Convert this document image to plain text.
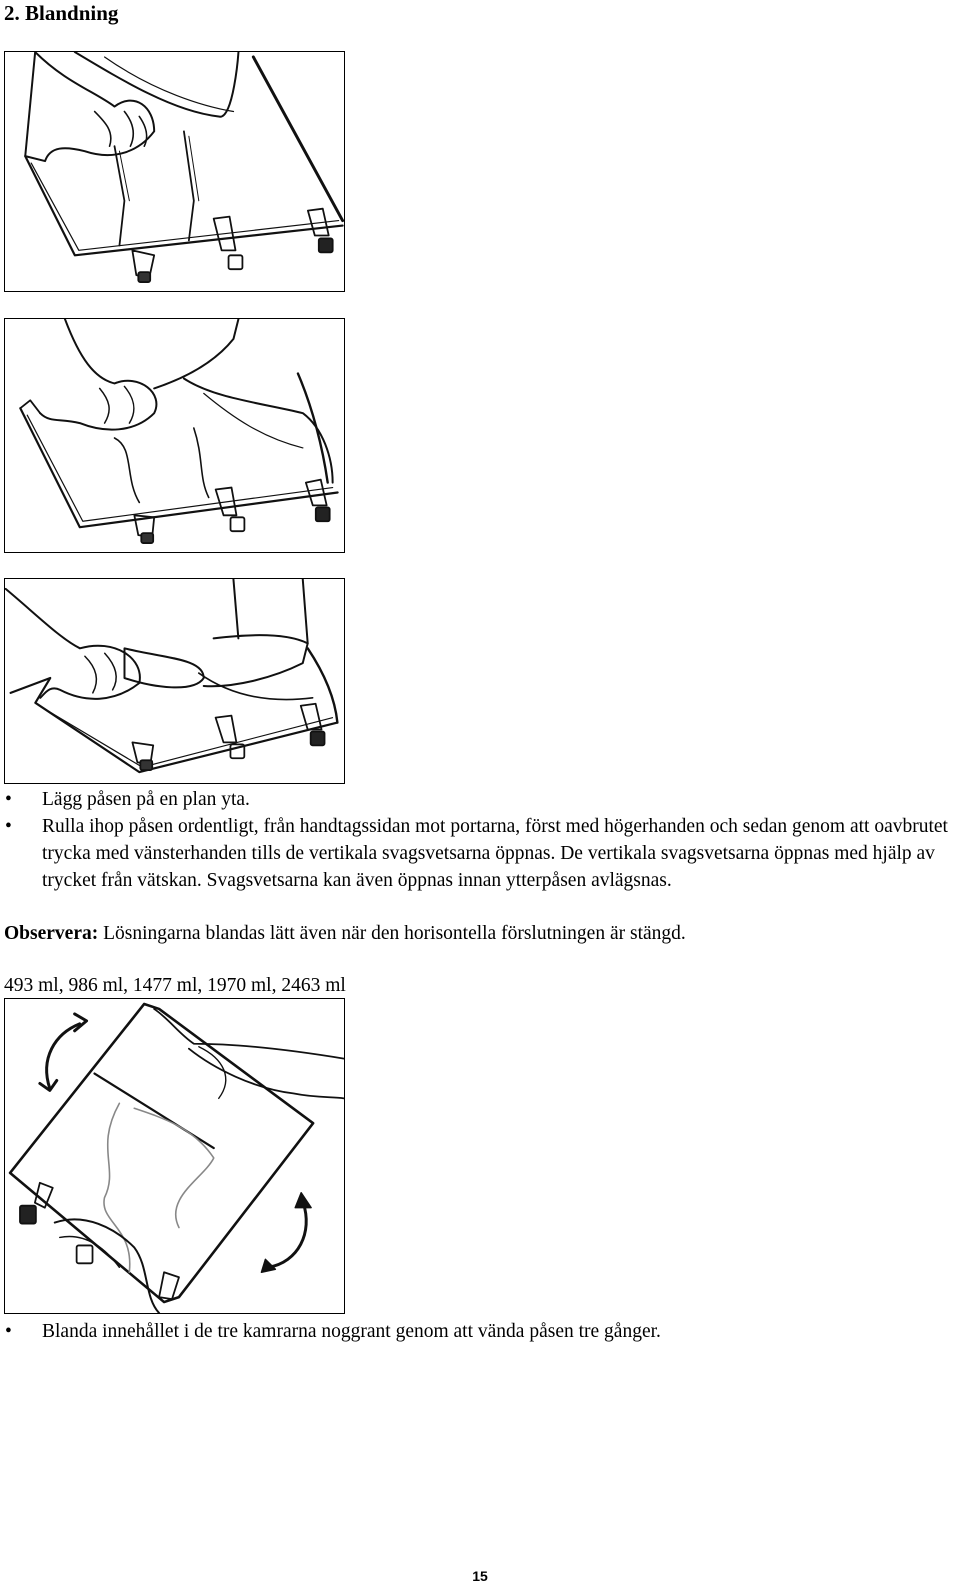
2. Blandning
• Lägg påsen på en plan yta.
• Rulla ihop påsen ordentligt, från handtagssidan mot portarna, först med högerhanden och sedan genom att oavbrutet trycka med vänsterhanden tills de vertikala svagsvetsarna öppnas. De vertikala svagsvetsarna öppnas med hjälp av trycket från vätskan. Svagsvetsarna kan även öppnas innan ytterpåsen avlägsnas.
Observera: Lösningarna blandas lätt även när den horisontella förslutningen är stängd.
493 ml, 986 ml, 1477 ml, 1970 ml, 2463 ml
• Blanda innehållet i de tre kamrarna noggrant genom att vända påsen tre gånger.
15
